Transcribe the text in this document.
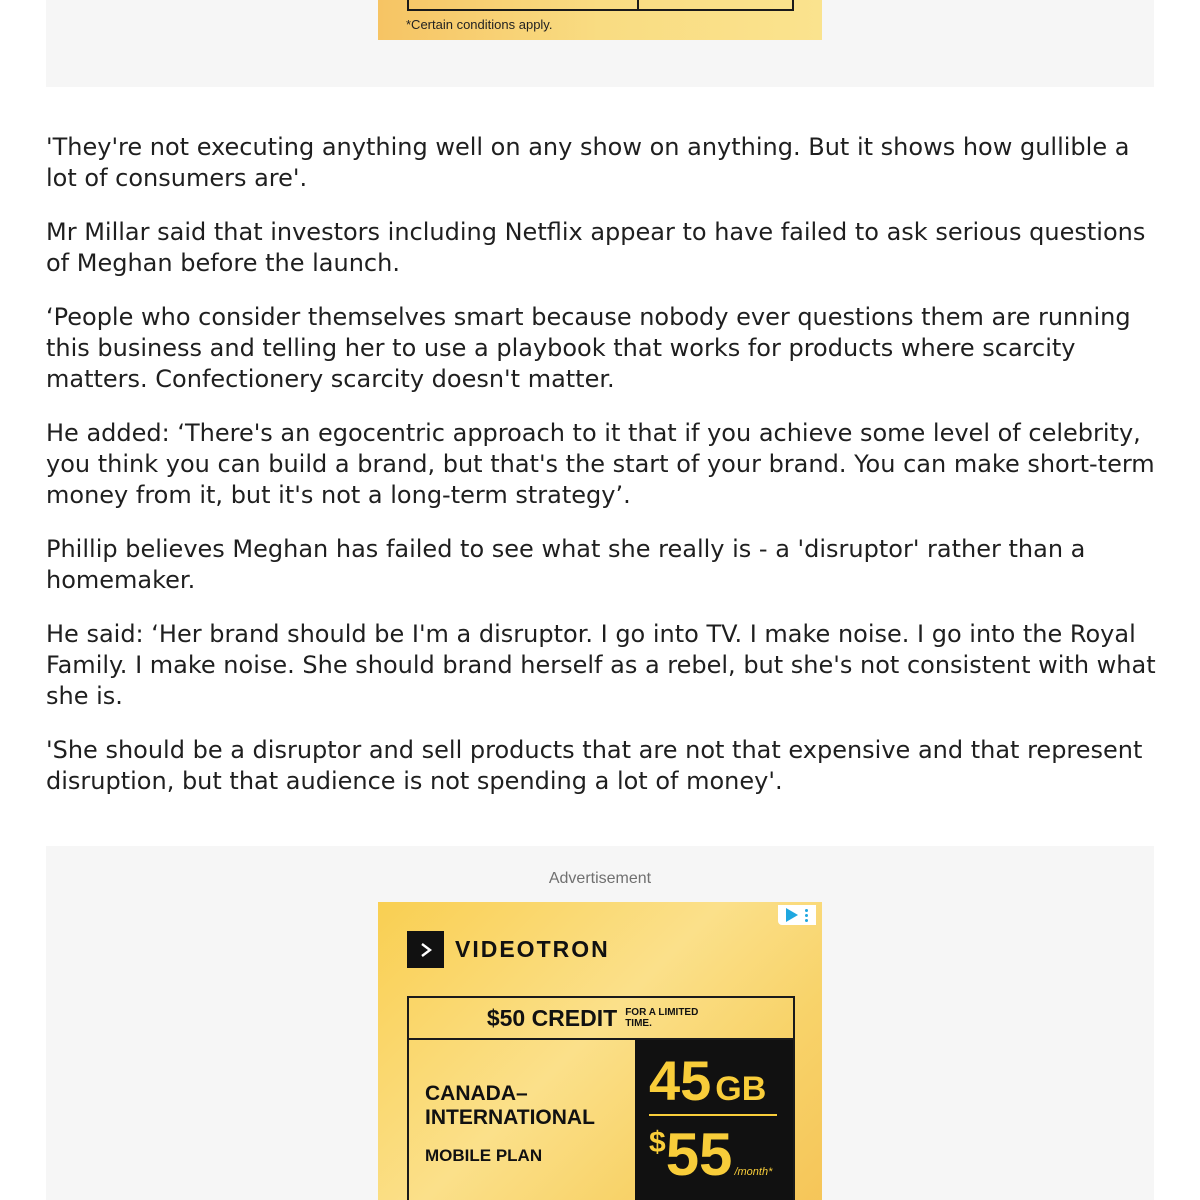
*Certain conditions apply.

'They're not executing anything well on any show on anything. But it shows how gullible a lot of consumers are'.

Mr Millar said that investors including Netflix appear to have failed to ask serious questions of Meghan before the launch.

‘People who consider themselves smart because nobody ever questions them are running this business and telling her to use a playbook that works for products where scarcity matters. Confectionery scarcity doesn't matter.

He added: ‘There's an egocentric approach to it that if you achieve some level of celebrity, you think you can build a brand, but that's the start of your brand. You can make short-term money from it, but it's not a long-term strategy’.

Phillip believes Meghan has failed to see what she really is - a 'disruptor' rather than a homemaker.

He said: ‘Her brand should be I'm a disruptor. I go into TV. I make noise. I go into the Royal Family. I make noise. She should brand herself as a rebel, but she's not consistent with what she is.

'She should be a disruptor and sell products that are not that expensive and that represent disruption, but that audience is not spending a lot of money'.

Advertisement
VIDEOTRON
$50 CREDIT FOR A LIMITED TIME.
CANADA–INTERNATIONAL
MOBILE PLAN
45 GB
$55 /month*
